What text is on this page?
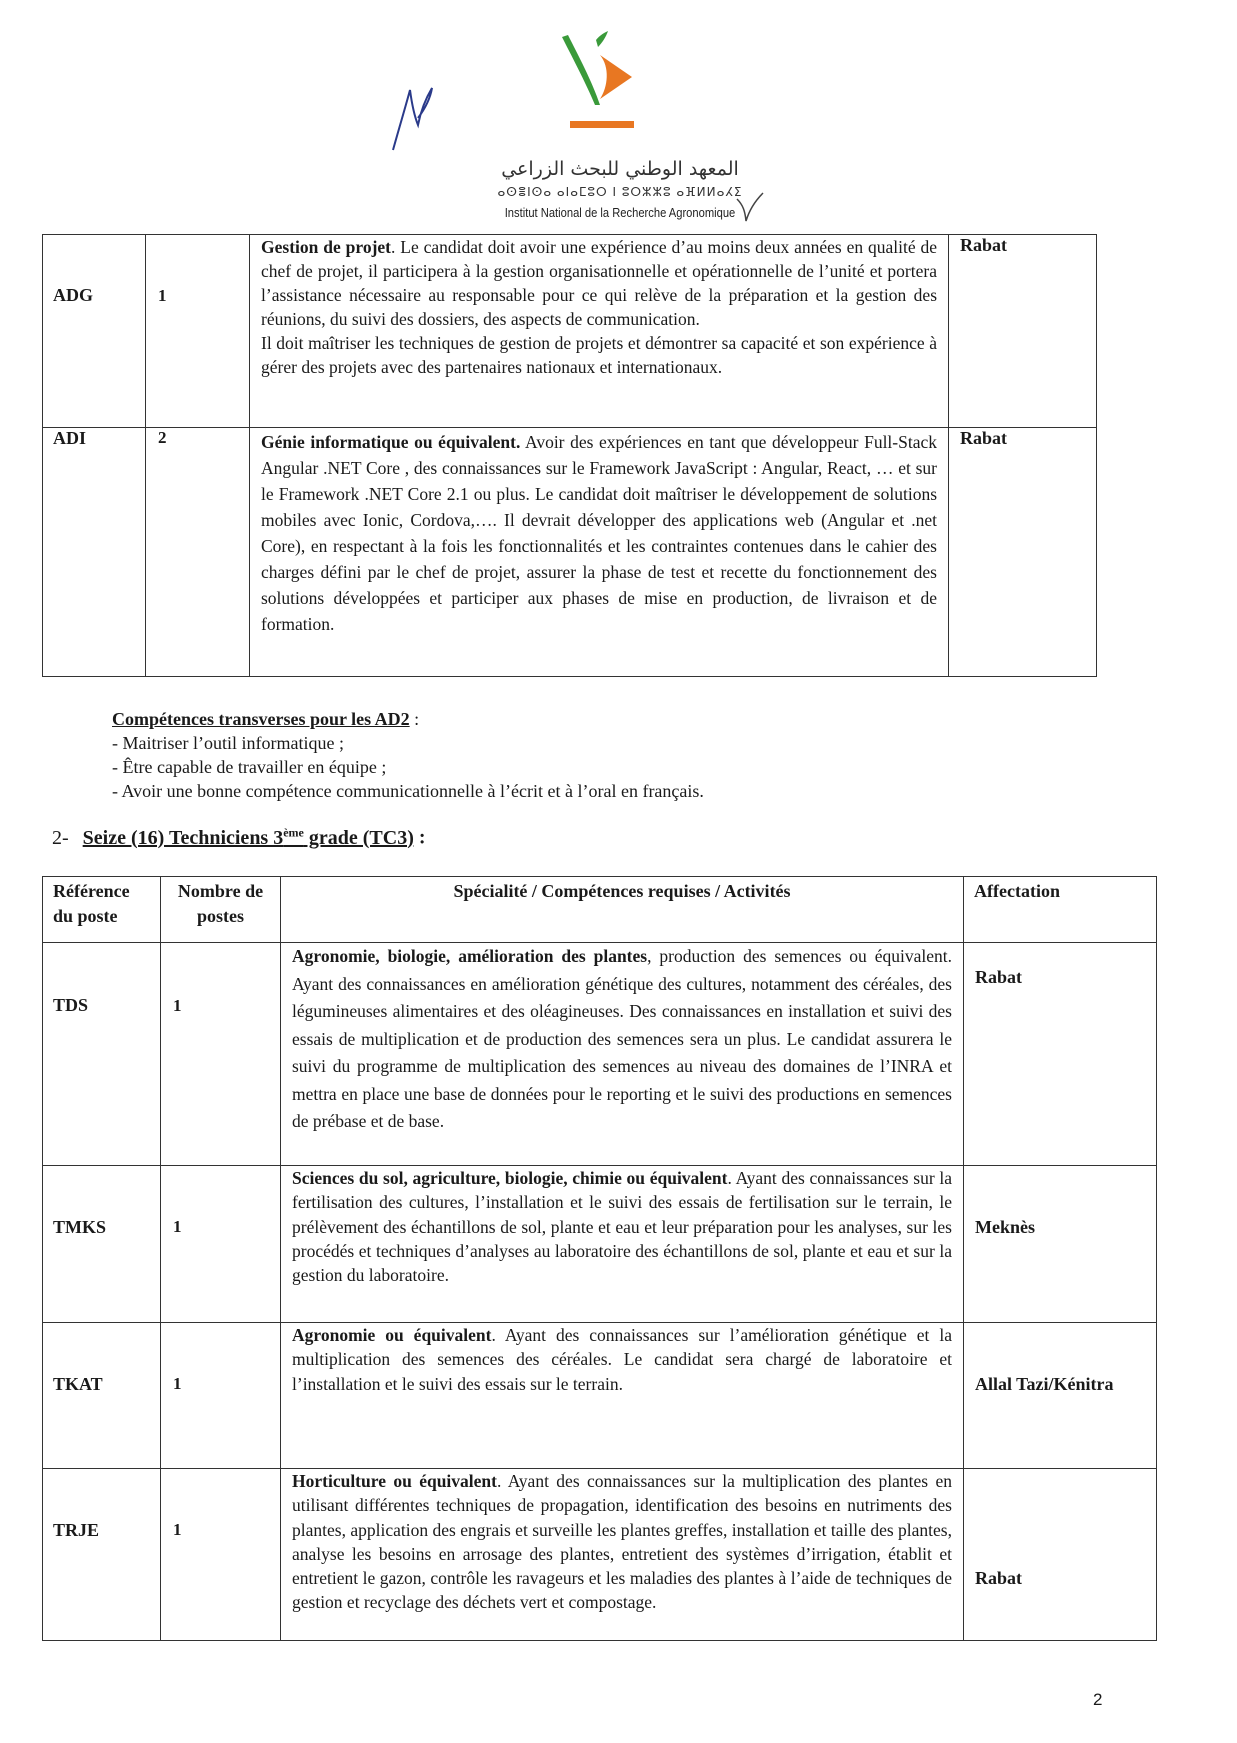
المعهد الوطني للبحث الزراعي
ⴰⵙⴻⵏⵙⴰ ⴰⵏⴰⵎⵓⵔ ⵏ ⵓⵔⵣⵣⵓ ⴰⴼⵍⵍⴰⵃⵉ
Institut National de la Recherche Agronomique
ADG	1	Gestion de projet. Le candidat doit avoir une expérience d’au moins deux années en qualité de chef de projet, il participera à la gestion organisationnelle et opérationnelle de l’unité et portera l’assistance nécessaire au responsable pour ce qui relève de la préparation et la gestion des réunions, du suivi des dossiers, des aspects de communication.
Il doit maîtriser les techniques de gestion de projets et démontrer sa capacité et son expérience à gérer des projets avec des partenaires nationaux et internationaux.	Rabat
ADI	2	Génie informatique ou équivalent. Avoir des expériences en tant que développeur Full-Stack Angular .NET Core , des connaissances sur le Framework JavaScript : Angular, React, … et sur le Framework .NET Core 2.1 ou plus. Le candidat doit maîtriser le développement de solutions mobiles avec Ionic, Cordova,…. Il devrait développer des applications web (Angular et .net Core), en respectant à la fois les fonctionnalités et les contraintes contenues dans le cahier des charges défini par le chef de projet, assurer la phase de test et recette du fonctionnement des solutions développées et participer aux phases de mise en production, de livraison et de formation.	Rabat
Compétences transverses pour les AD2 :
- Maitriser l’outil informatique ;
- Être capable de travailler en équipe ;
- Avoir une bonne compétence communicationnelle à l’écrit et à l’oral en français.
2- Seize (16) Techniciens 3ème grade (TC3) :
Référence du poste	Nombre de postes	Spécialité / Compétences requises / Activités	Affectation

TDS	1	Agronomie, biologie, amélioration des plantes, production des semences ou équivalent. Ayant des connaissances en amélioration génétique des cultures, notamment des céréales, des légumineuses alimentaires et des oléagineuses. Des connaissances en installation et suivi des essais de multiplication et de production des semences sera un plus. Le candidat assurera le suivi du programme de multiplication des semences au niveau des domaines de l’INRA et mettra en place une base de données pour le reporting et le suivi des productions en semences de prébase et de base.	Rabat

TMKS	1	Sciences du sol, agriculture, biologie, chimie ou équivalent. Ayant des connaissances sur la fertilisation des cultures, l’installation et le suivi des essais de fertilisation sur le terrain, le prélèvement des échantillons de sol, plante et eau et leur préparation pour les analyses, sur les procédés et techniques d’analyses au laboratoire des échantillons de sol, plante et eau et sur la gestion du laboratoire.	Meknès

TKAT	1	Agronomie ou équivalent. Ayant des connaissances sur l’amélioration génétique et la multiplication des semences des céréales. Le candidat sera chargé de laboratoire et l’installation et le suivi des essais sur le terrain.	Allal Tazi/Kénitra

TRJE	1	Horticulture ou équivalent. Ayant des connaissances sur la multiplication des plantes en utilisant différentes techniques de propagation, identification des besoins en nutriments des plantes, application des engrais et surveille les plantes greffes, installation et taille des plantes, analyse les besoins en arrosage des plantes, entretient des systèmes d’irrigation, établit et entretient le gazon, contrôle les ravageurs et les maladies des plantes à l’aide de techniques de gestion et recyclage des déchets vert et compostage.	Rabat
2
